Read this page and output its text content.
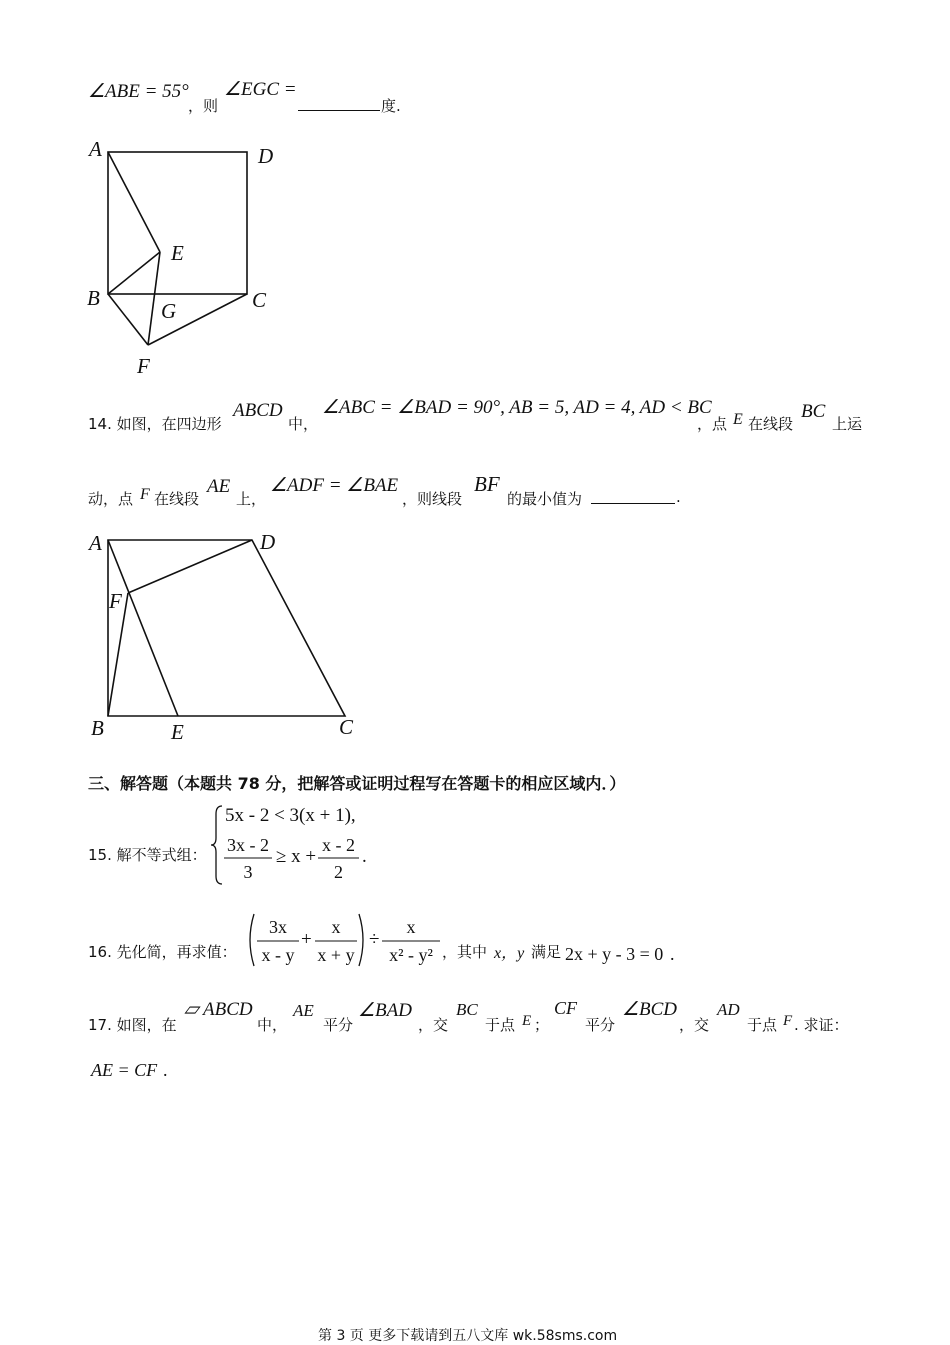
∠ABE = 55°
，则
∠EGC =
度.
A	D
E
B
G	C
F
14. 如图，在四边形
ABCD
中，
∠ABC = ∠BAD = 90°, AB = 5, AD = 4, AD < BC
，点 E 在线段
BC
上运
动，点 F 在线段
AE
上，
∠ADF = ∠BAE
，则线段
BF
的最小值为	.
A	D
F
B	E	C
三、解答题（本题共 78 分，把解答或证明过程写在答题卡的相应区域内．）
15. 解不等式组：
5x - 2 < 3(x + 1),
3x - 2
3
≥ x +
x - 2
2
.
16. 先化简，再求值：
3x
x - y
+
x
x + y
÷
x
x² - y² ，其中 x，y 满足 2x + y - 3 = 0 .
17. 如图，在
▱ ABCD
中，
AE
平分
∠BAD
，交
BC
于点 E ；
CF
平分
∠BCD
，交
AD
于点 F . 求证：
AE = CF .
第 3 页 更多下载请到五八文库 wk.58sms.com
